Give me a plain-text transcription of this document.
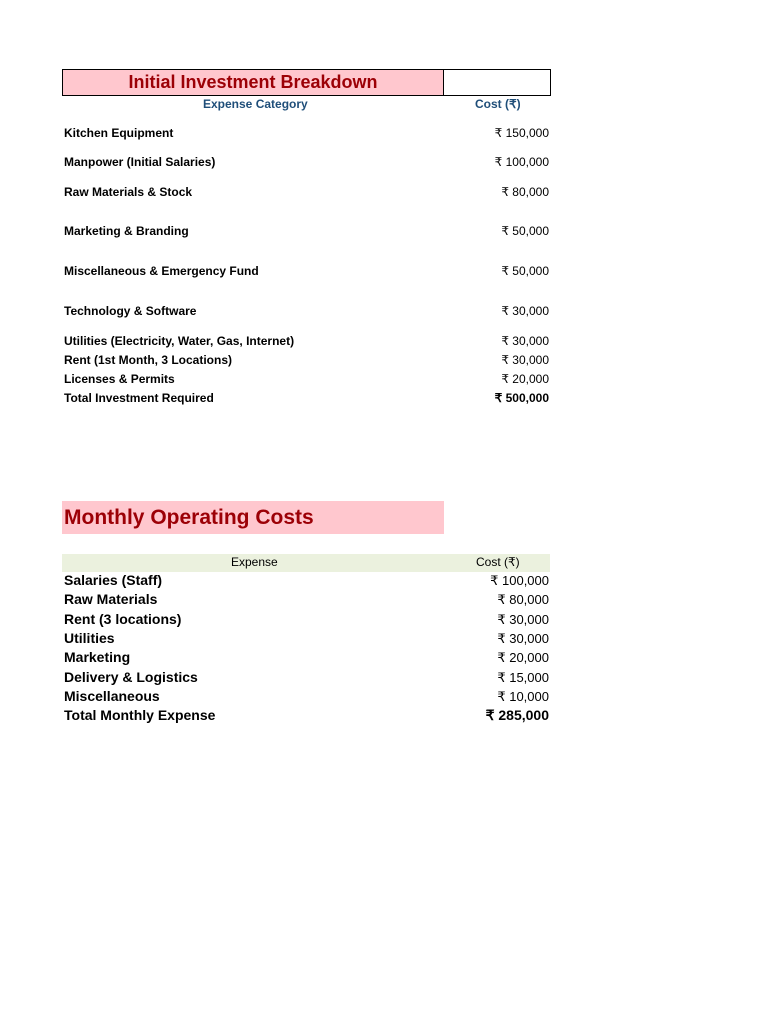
Initial Investment Breakdown
Expense Category	Cost (₹)
Kitchen Equipment	₹ 150,000
Manpower (Initial Salaries)	₹ 100,000
Raw Materials & Stock	₹ 80,000
Marketing & Branding	₹ 50,000
Miscellaneous & Emergency Fund	₹ 50,000
Technology & Software	₹ 30,000
Utilities (Electricity, Water, Gas, Internet)	₹ 30,000
Rent (1st Month, 3 Locations)	₹ 30,000
Licenses & Permits	₹ 20,000
Total Investment Required	₹ 500,000
Monthly Operating Costs
Expense	Cost (₹)
Salaries (Staff)	₹ 100,000
Raw Materials	₹ 80,000
Rent (3 locations)	₹ 30,000
Utilities	₹ 30,000
Marketing	₹ 20,000
Delivery & Logistics	₹ 15,000
Miscellaneous	₹ 10,000
Total Monthly Expense	₹ 285,000
